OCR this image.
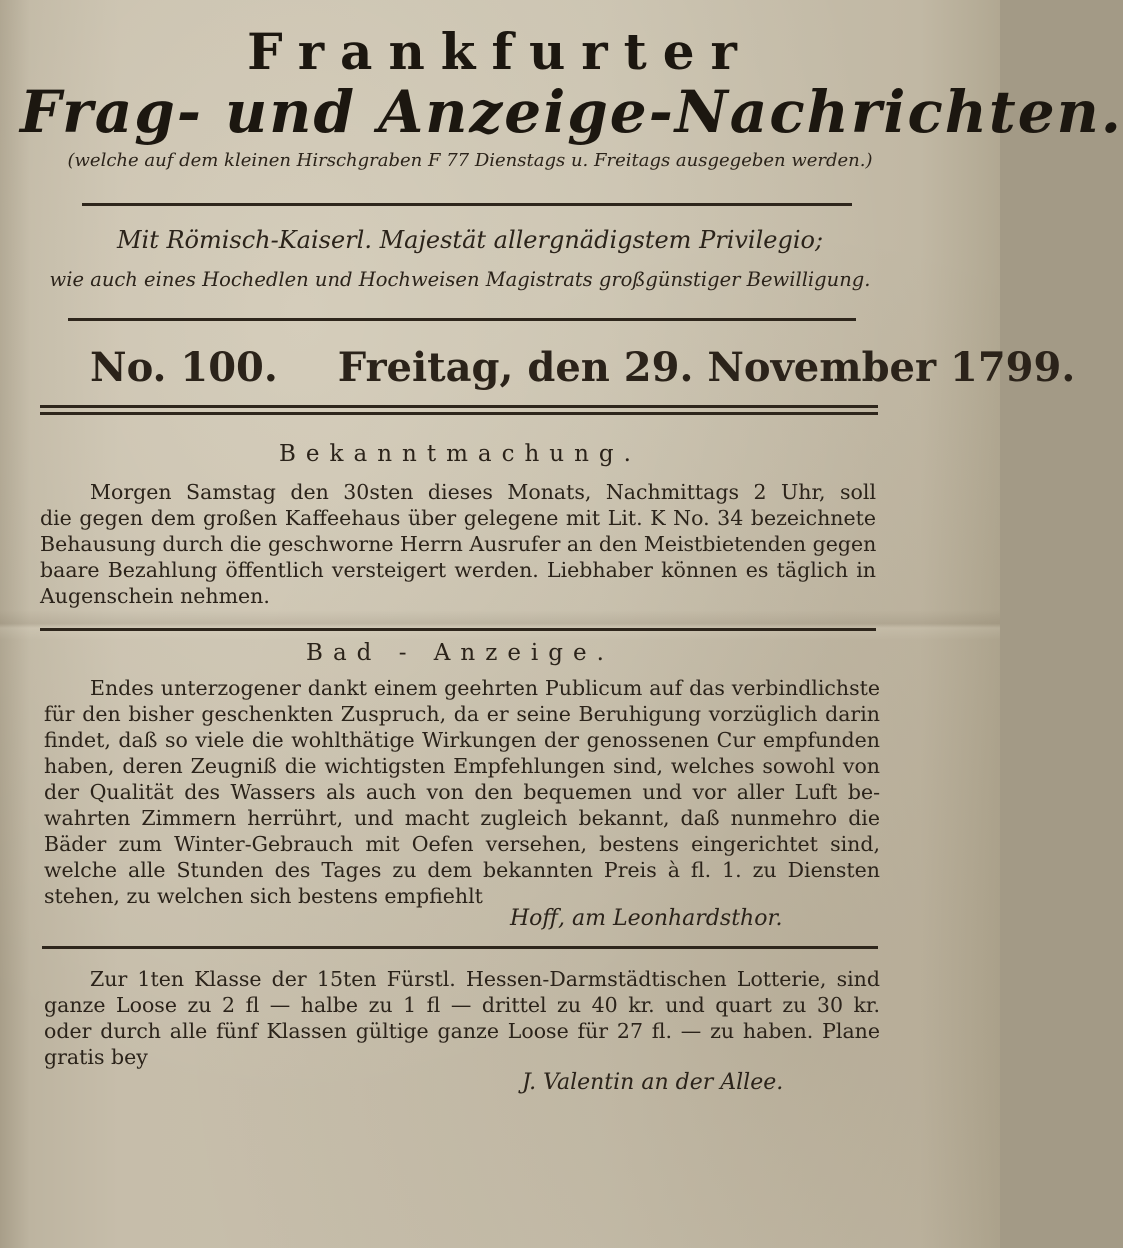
Frankfurter
Frag- und Anzeige-Nachrichten.
(welche auf dem kleinen Hirschgraben F 77 Dienstags u. Freitags ausgegeben werden.)
Mit Römisch-Kaiserl. Majestät allergnädigstem Privilegio;
wie auch eines Hochedlen und Hochweisen Magistrats großgünstiger Bewilligung.
No. 100. Freitag, den 29. November 1799.
Bekanntmachung.
Morgen Samstag den 30sten dieses Monats, Nachmittags 2 Uhr, soll
die gegen dem großen Kaffeehaus über gelegene mit Lit. K No. 34 bezeichnete
Behausung durch die geschworne Herrn Ausrufer an den Meistbietenden gegen
baare Bezahlung öffentlich versteigert werden. Liebhaber können es täglich in
Augenschein nehmen.
Bad - Anzeige.
Endes unterzogener dankt einem geehrten Publicum auf das verbindlichste
für den bisher geschenkten Zuspruch, da er seine Beruhigung vorzüglich darin
findet, daß so viele die wohlthätige Wirkungen der genossenen Cur empfunden
haben, deren Zeugniß die wichtigsten Empfehlungen sind, welches sowohl von
der Qualität des Wassers als auch von den bequemen und vor aller Luft be-
wahrten Zimmern herrührt, und macht zugleich bekannt, daß nunmehro die
Bäder zum Winter-Gebrauch mit Oefen versehen, bestens eingerichtet sind,
welche alle Stunden des Tages zu dem bekannten Preis à fl. 1. zu Diensten
stehen, zu welchen sich bestens empfiehlt
Hoff, am Leonhardsthor.
Zur 1ten Klasse der 15ten Fürstl. Hessen-Darmstädtischen Lotterie, sind
ganze Loose zu 2 fl — halbe zu 1 fl — drittel zu 40 kr. und quart zu 30 kr.
oder durch alle fünf Klassen gültige ganze Loose für 27 fl. — zu haben. Plane
gratis bey
J. Valentin an der Allee.
